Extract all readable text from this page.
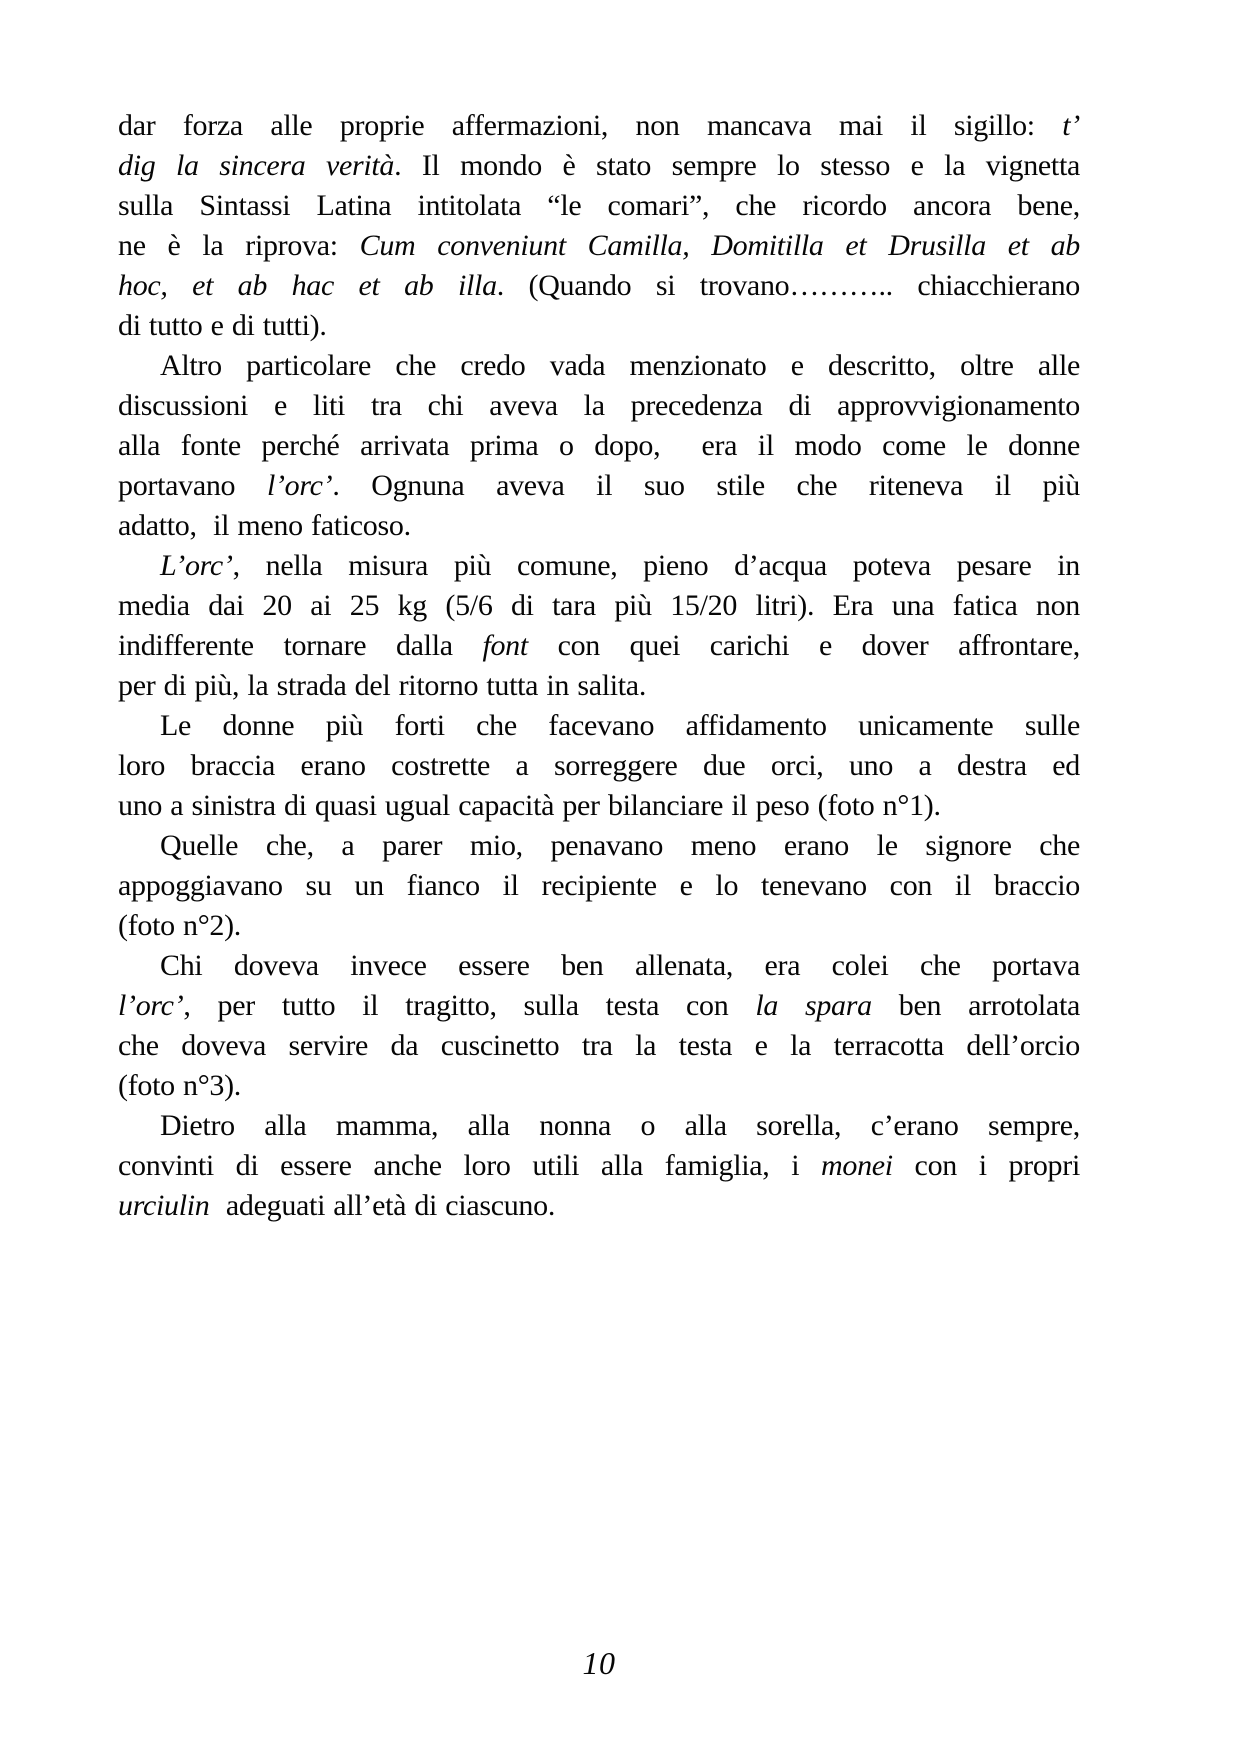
dar forza alle proprie affermazioni, non mancava mai il sigillo: t’
dig la sincera verità. Il mondo è stato sempre lo stesso e la vignetta
sulla Sintassi Latina intitolata “le comari”, che ricordo ancora bene,
ne è la riprova: Cum conveniunt Camilla, Domitilla et Drusilla et ab
hoc, et ab hac et ab illa. (Quando si trovano……….. chiacchierano
di tutto e di tutti).
Altro particolare che credo vada menzionato e descritto, oltre alle
discussioni e liti tra chi aveva la precedenza di approvvigionamento
alla fonte perché arrivata prima o dopo,  era il modo come le donne
portavano l’orc’. Ognuna aveva il suo stile che riteneva il più
adatto,  il meno faticoso.
L’orc’, nella misura più comune, pieno d’acqua poteva pesare in
media dai 20 ai 25 kg (5/6 di tara più 15/20 litri). Era una fatica non
indifferente tornare dalla font con quei carichi e dover affrontare,
per di più, la strada del ritorno tutta in salita.
Le donne più forti che facevano affidamento unicamente sulle
loro braccia erano costrette a sorreggere due orci, uno a destra ed
uno a sinistra di quasi ugual capacità per bilanciare il peso (foto n°1).
Quelle che, a parer mio, penavano meno erano le signore che
appoggiavano su un fianco il recipiente e lo tenevano con il braccio
(foto n°2).
Chi doveva invece essere ben allenata, era colei che portava
l’orc’, per tutto il tragitto, sulla testa con la spara ben arrotolata
che doveva servire da cuscinetto tra la testa e la terracotta dell’orcio
(foto n°3).
Dietro alla mamma, alla nonna o alla sorella, c’erano sempre,
convinti di essere anche loro utili alla famiglia, i monei con i propri
urciulin  adeguati all’età di ciascuno.
10
